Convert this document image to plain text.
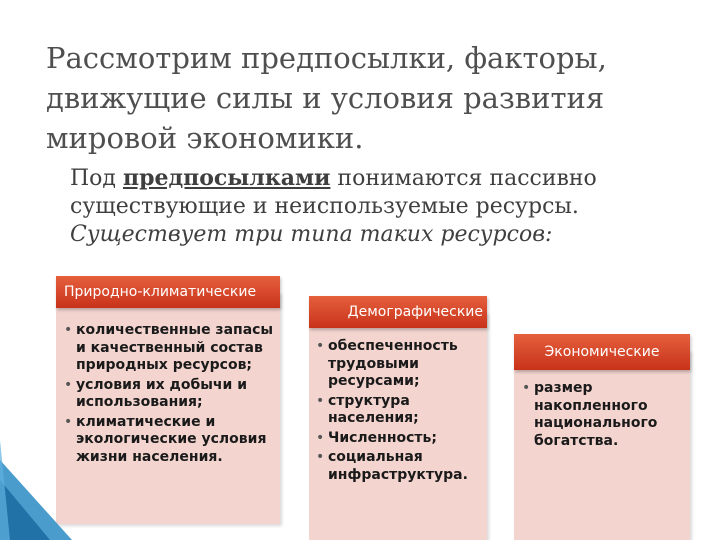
Рассмотрим предпосылки, факторы, движущие силы и условия развития мировой экономики.

Под предпосылками понимаются пассивно существующие и неиспользуемые ресурсы.
Существует три типа таких ресурсов:

Природно-климатические
• количественные запасы и качественный состав природных ресурсов;
• условия их добычи и использования;
• климатические и экологические условия жизни населения.
Демографические
• обеспеченность трудовыми ресурсами;
• структура населения;
• Численность;
• социальная инфраструктура.
Экономические
• размер накопленного национального богатства.
